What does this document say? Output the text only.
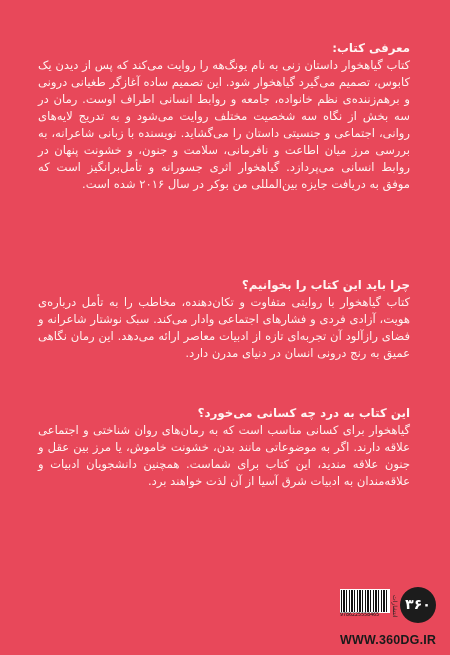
معرفی کتاب:
کتاب گیاهخوار داستان زنی به نام یونگ‌هه را روایت می‌کند که پس از دیدن یک کابوس، تصمیم می‌گیرد گیاهخوار شود. این تصمیم ساده آغازگر طغیانی درونی و برهم‌زننده‌ی نظم خانواده، جامعه و روابط انسانی اطراف اوست. رمان در سه بخش از نگاه سه شخصیت مختلف روایت می‌شود و به تدریج لایه‌های روانی، اجتماعی و جنسیتی داستان را می‌گشاید. نویسنده با زبانی شاعرانه، به بررسی مرز میان اطاعت و نافرمانی، سلامت و جنون، و خشونت پنهان در روابط انسانی می‌پردازد. گیاهخوار اثری جسورانه و تأمل‌برانگیز است که موفق به دریافت جایزه بین‌المللی من بوکر در سال ۲۰۱۶ شده است.
چرا باید این کتاب را بخوانیم؟
کتاب گیاهخوار با روایتی متفاوت و تکان‌دهنده، مخاطب را به تأمل درباره‌ی هویت، آزادی فردی و فشارهای اجتماعی وادار می‌کند. سبک نوشتار شاعرانه و فضای رازآلود آن تجربه‌ای تازه از ادبیات معاصر ارائه می‌دهد. این رمان نگاهی عمیق به رنج درونی انسان در دنیای مدرن دارد.
این کتاب به درد چه کسانی می‌خورد؟
گیاهخوار برای کسانی مناسب است که به رمان‌های روان شناختی و اجتماعی علاقه دارند. اگر به موضوعاتی مانند بدن، خشونت خاموش، یا مرز بین عقل و جنون علاقه مندید، این کتاب برای شماست. همچنین دانشجویان ادبیات و علاقه‌مندان به ادبیات شرق آسیا از آن لذت خواهند برد.
9786225558465	انتشارات ۳۶۰
WWW.360DG.IR
